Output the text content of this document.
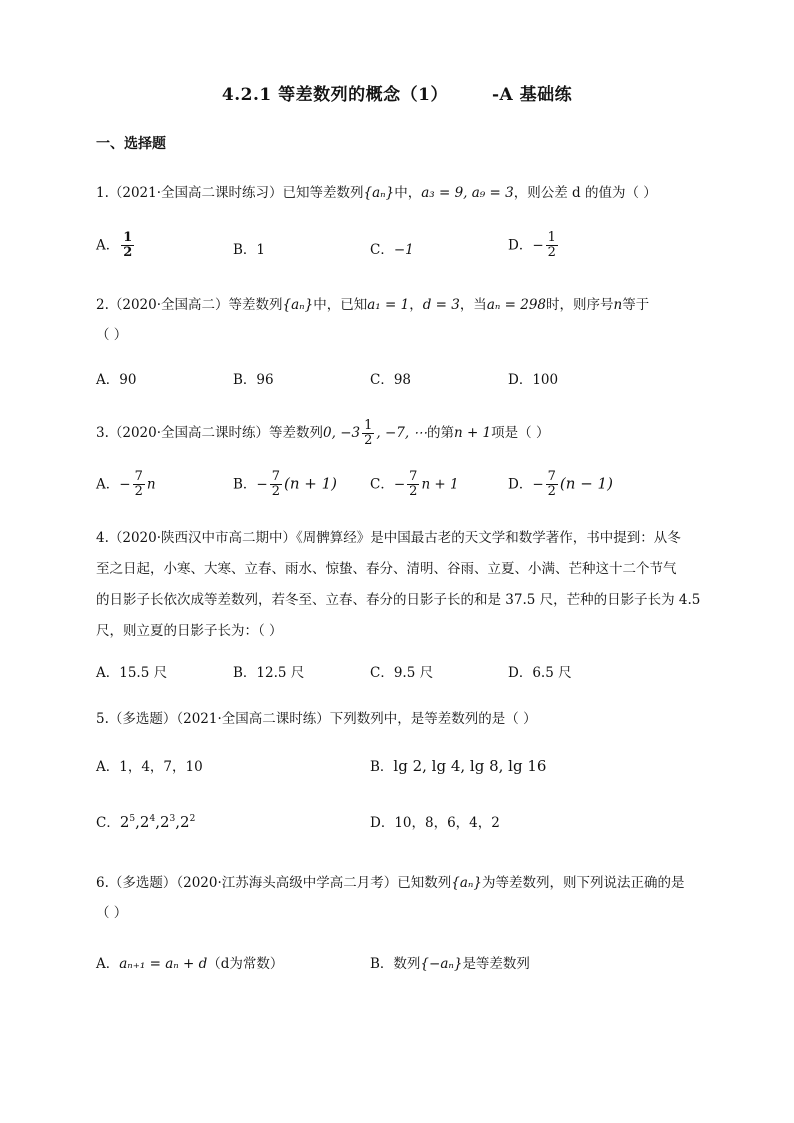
4.2.1 等差数列的概念（1）	-A 基础练
一、选择题
1.（2021·全国高二课时练习）已知等差数列{aₙ}中，a₃ = 9, a₉ = 3，则公差 d 的值为（ ）
A． $\frac{1}{2}$	B．1	C．−1	D．− $\frac{1}{2}$
2.（2020·全国高二）等差数列{aₙ}中，已知a₁ = 1，d = 3，当aₙ = 298时，则序号n等于
（ ）
A．90	B．96	C．98	D．100
3.（2020·全国高二课时练）等差数列0, $-3 \frac{1}{2}$ , −7, ⋯的第n + 1项是（ ）
A．− $\frac{7}{2}$ n	B．− $\frac{7}{2} (n + 1)$ C．− $\frac{7}{2}$ n + 1	D．− $\frac{7}{2} (n - 1)$
4.（2020·陕西汉中市高二期中）《周髀算经》是中国最古老的天文学和数学著作，书中提到：从冬
至之日起，小寒、大寒、立春、雨水、惊蛰、春分、清明、谷雨、立夏、小满、芒种这十二个节气
的日影子长依次成等差数列，若冬至、立春、春分的日影子长的和是 37.5 尺，芒种的日影子长为 4.5
尺，则立夏的日影子长为：（ ）
A．15.5 尺	B．12.5 尺	C．9.5 尺	D．6.5 尺
5.（多选题）（2021·全国高二课时练）下列数列中，是等差数列的是（ ）
A．1，4，7，10	B．lg 2, lg 4, lg 8, lg 16
C．$2^5,2^4,2^3,2^2$	D．10，8，6，4，2
6.（多选题）（2020·江苏海头高级中学高二月考）已知数列{aₙ}为等差数列，则下列说法正确的是
（ ）
A．aₙ₊₁ = aₙ + d（d为常数）	B．数列{−aₙ}是等差数列
